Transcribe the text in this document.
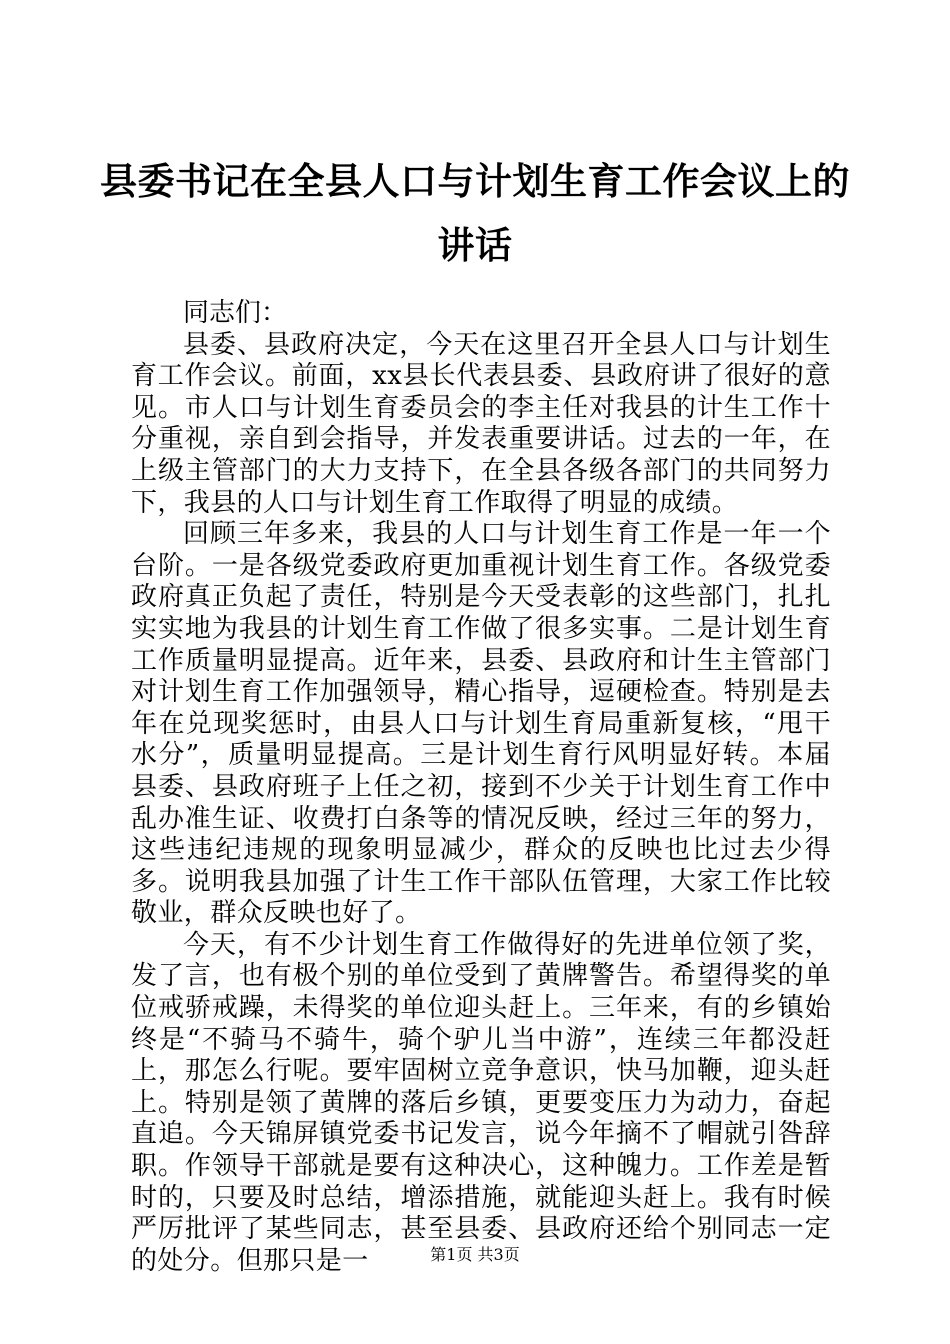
县委书记在全县人口与计划生育工作会议上的
讲话

同志们：

县委、县政府决定，今天在这里召开全县人口与计划生育工作会议。前面，xx县长代表县委、县政府讲了很好的意见。市人口与计划生育委员会的李主任对我县的计生工作十分重视，亲自到会指导，并发表重要讲话。过去的一年，在上级主管部门的大力支持下，在全县各级各部门的共同努力下，我县的人口与计划生育工作取得了明显的成绩。

回顾三年多来，我县的人口与计划生育工作是一年一个台阶。一是各级党委政府更加重视计划生育工作。各级党委政府真正负起了责任，特别是今天受表彰的这些部门，扎扎实实地为我县的计划生育工作做了很多实事。二是计划生育工作质量明显提高。近年来，县委、县政府和计生主管部门对计划生育工作加强领导，精心指导，逗硬检查。特别是去年在兑现奖惩时，由县人口与计划生育局重新复核，“甩干水分”，质量明显提高。三是计划生育行风明显好转。本届县委、县政府班子上任之初，接到不少关于计划生育工作中乱办准生证、收费打白条等的情况反映，经过三年的努力，这些违纪违规的现象明显减少，群众的反映也比过去少得多。说明我县加强了计生工作干部队伍管理，大家工作比较敬业，群众反映也好了。

今天，有不少计划生育工作做得好的先进单位领了奖，发了言，也有极个别的单位受到了黄牌警告。希望得奖的单位戒骄戒躁，未得奖的单位迎头赶上。三年来，有的乡镇始终是“不骑马不骑牛，骑个驴儿当中游”，连续三年都没赶上，那怎么行呢。要牢固树立竞争意识，快马加鞭，迎头赶上。特别是领了黄牌的落后乡镇，更要变压力为动力，奋起直追。今天锦屏镇党委书记发言，说今年摘不了帽就引咎辞职。作领导干部就是要有这种决心，这种魄力。工作差是暂时的，只要及时总结，增添措施，就能迎头赶上。我有时候严厉批评了某些同志，甚至县委、县政府还给个别同志一定的处分。但那只是一	第1页 共3页
